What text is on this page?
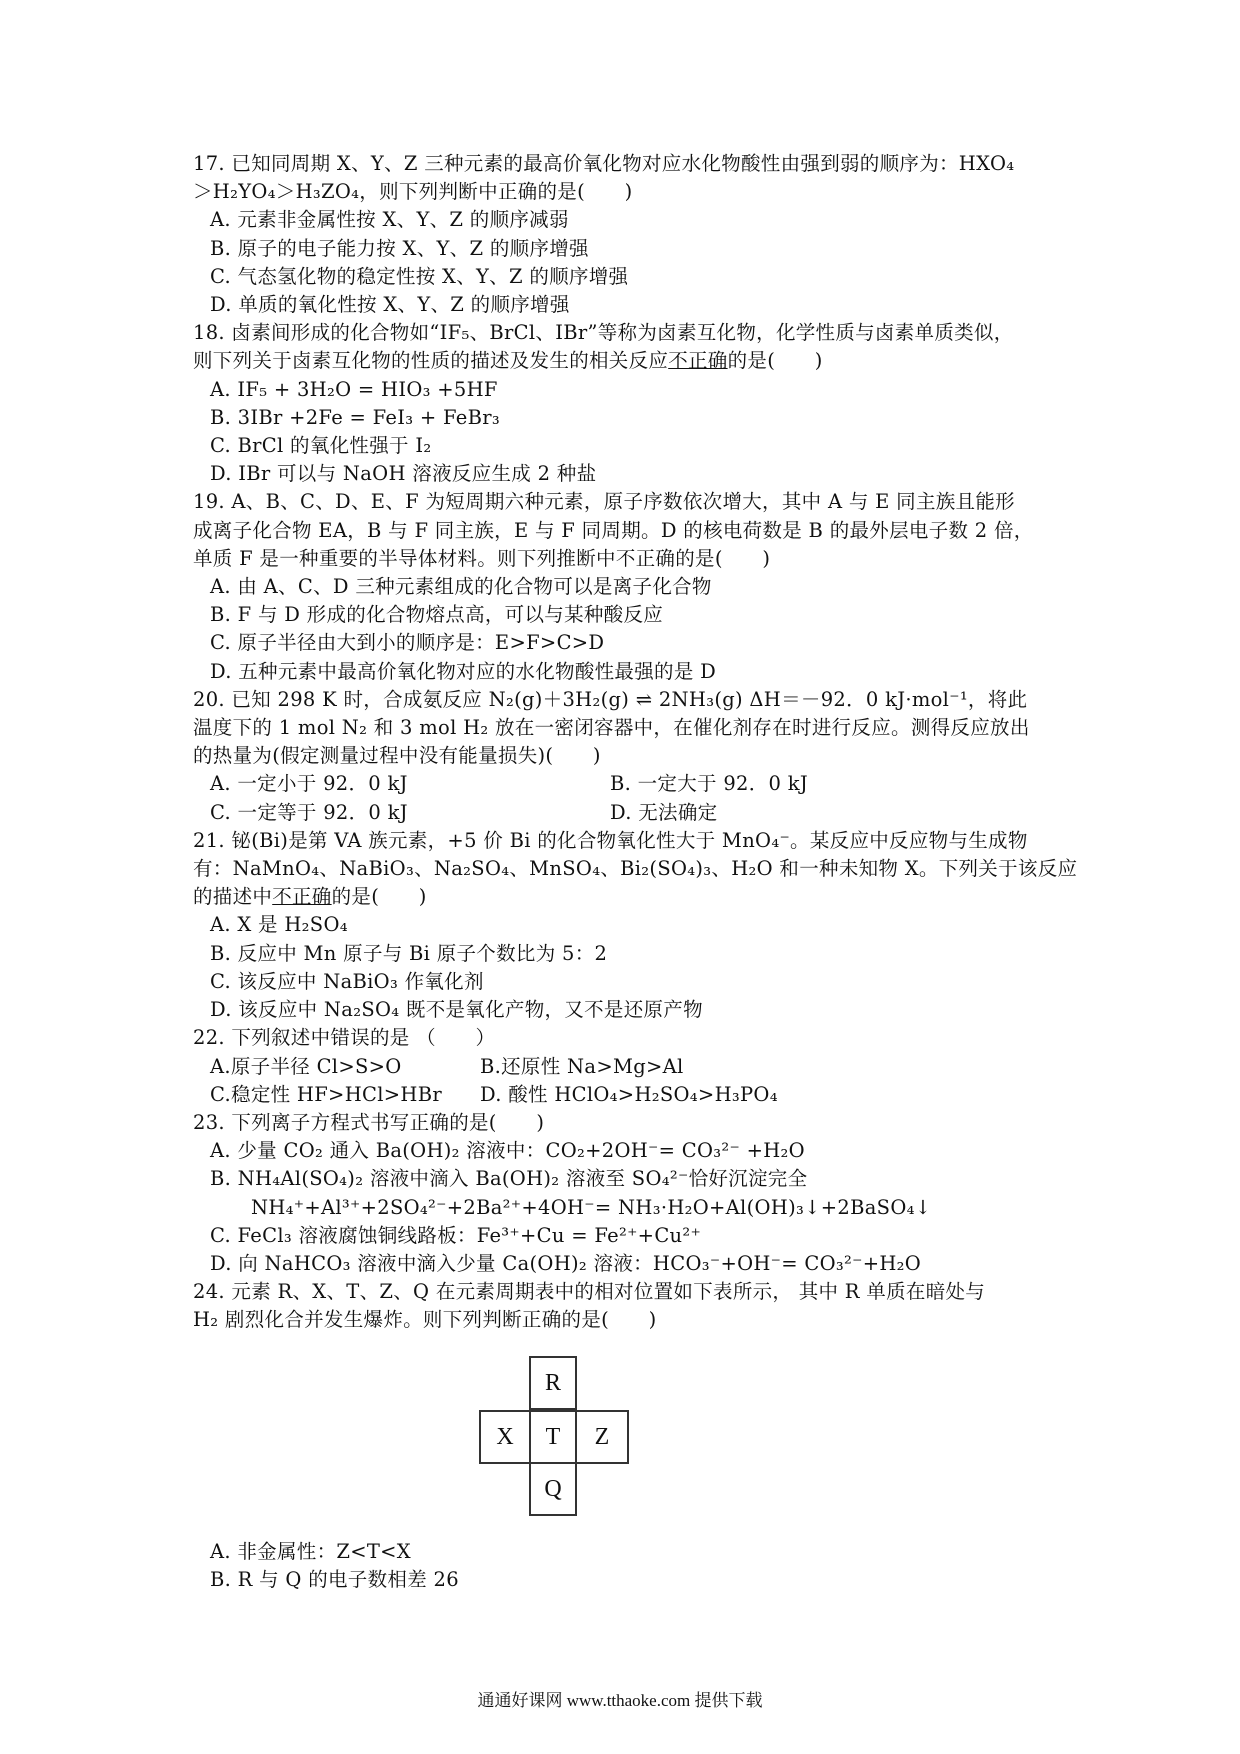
17. 已知同周期 X、Y、Z 三种元素的最高价氧化物对应水化物酸性由强到弱的顺序为：HXO₄
＞H₂YO₄＞H₃ZO₄，则下列判断中正确的是(　　)
A. 元素非金属性按 X、Y、Z 的顺序减弱
B. 原子的电子能力按 X、Y、Z 的顺序增强
C. 气态氢化物的稳定性按 X、Y、Z 的顺序增强
D. 单质的氧化性按 X、Y、Z 的顺序增强
18. 卤素间形成的化合物如“IF₅、BrCl、IBr”等称为卤素互化物，化学性质与卤素单质类似，
则下列关于卤素互化物的性质的描述及发生的相关反应不正确的是(　　)
A. IF₅ + 3H₂O = HIO₃ +5HF
B. 3IBr +2Fe = FeI₃ + FeBr₃
C. BrCl 的氧化性强于 I₂
D. IBr 可以与 NaOH 溶液反应生成 2 种盐
19. A、B、C、D、E、F 为短周期六种元素，原子序数依次增大，其中 A 与 E 同主族且能形
成离子化合物 EA，B 与 F 同主族，E 与 F 同周期。D 的核电荷数是 B 的最外层电子数 2 倍，
单质 F 是一种重要的半导体材料。则下列推断中不正确的是(　　)
A. 由 A、C、D 三种元素组成的化合物可以是离子化合物
B. F 与 D 形成的化合物熔点高，可以与某种酸反应
C. 原子半径由大到小的顺序是：E>F>C>D
D. 五种元素中最高价氧化物对应的水化物酸性最强的是 D
20. 已知 298 K 时，合成氨反应 N₂(g)＋3H₂(g) ⇌ 2NH₃(g) ΔH＝－92．0 kJ·mol⁻¹，将此
温度下的 1 mol N₂ 和 3 mol H₂ 放在一密闭容器中，在催化剂存在时进行反应。测得反应放出
的热量为(假定测量过程中没有能量损失)(　　)
A. 一定小于 92．0 kJ	B. 一定大于 92．0 kJ
C. 一定等于 92．0 kJ	D. 无法确定
21. 铋(Bi)是第 VA 族元素，+5 价 Bi 的化合物氧化性大于 MnO₄⁻。某反应中反应物与生成物
有：NaMnO₄、NaBiO₃、Na₂SO₄、MnSO₄、Bi₂(SO₄)₃、H₂O 和一种未知物 X。下列关于该反应
的描述中不正确的是(　　)
A. X 是 H₂SO₄
B. 反应中 Mn 原子与 Bi 原子个数比为 5：2
C. 该反应中 NaBiO₃ 作氧化剂
D. 该反应中 Na₂SO₄ 既不是氧化产物，又不是还原产物
22. 下列叙述中错误的是 （　　）
A.原子半径 Cl>S>O	B.还原性 Na>Mg>Al
C.稳定性 HF>HCl>HBr D. 酸性 HClO₄>H₂SO₄>H₃PO₄
23. 下列离子方程式书写正确的是(　　)
A. 少量 CO₂ 通入 Ba(OH)₂ 溶液中：CO₂+2OH⁻= CO₃²⁻ +H₂O
B. NH₄Al(SO₄)₂ 溶液中滴入 Ba(OH)₂ 溶液至 SO₄²⁻恰好沉淀完全
NH₄⁺+Al³⁺+2SO₄²⁻+2Ba²⁺+4OH⁻= NH₃·H₂O+Al(OH)₃↓+2BaSO₄↓
C. FeCl₃ 溶液腐蚀铜线路板：Fe³⁺+Cu = Fe²⁺+Cu²⁺
D. 向 NaHCO₃ 溶液中滴入少量 Ca(OH)₂ 溶液：HCO₃⁻+OH⁻= CO₃²⁻+H₂O
24. 元素 R、X、T、Z、Q 在元素周期表中的相对位置如下表所示， 其中 R 单质在暗处与
H₂ 剧烈化合并发生爆炸。则下列判断正确的是(　　)
R
X	T	Z
Q
A. 非金属性：Z<T<X
B. R 与 Q 的电子数相差 26
通通好课网 www.tthaoke.com 提供下载
